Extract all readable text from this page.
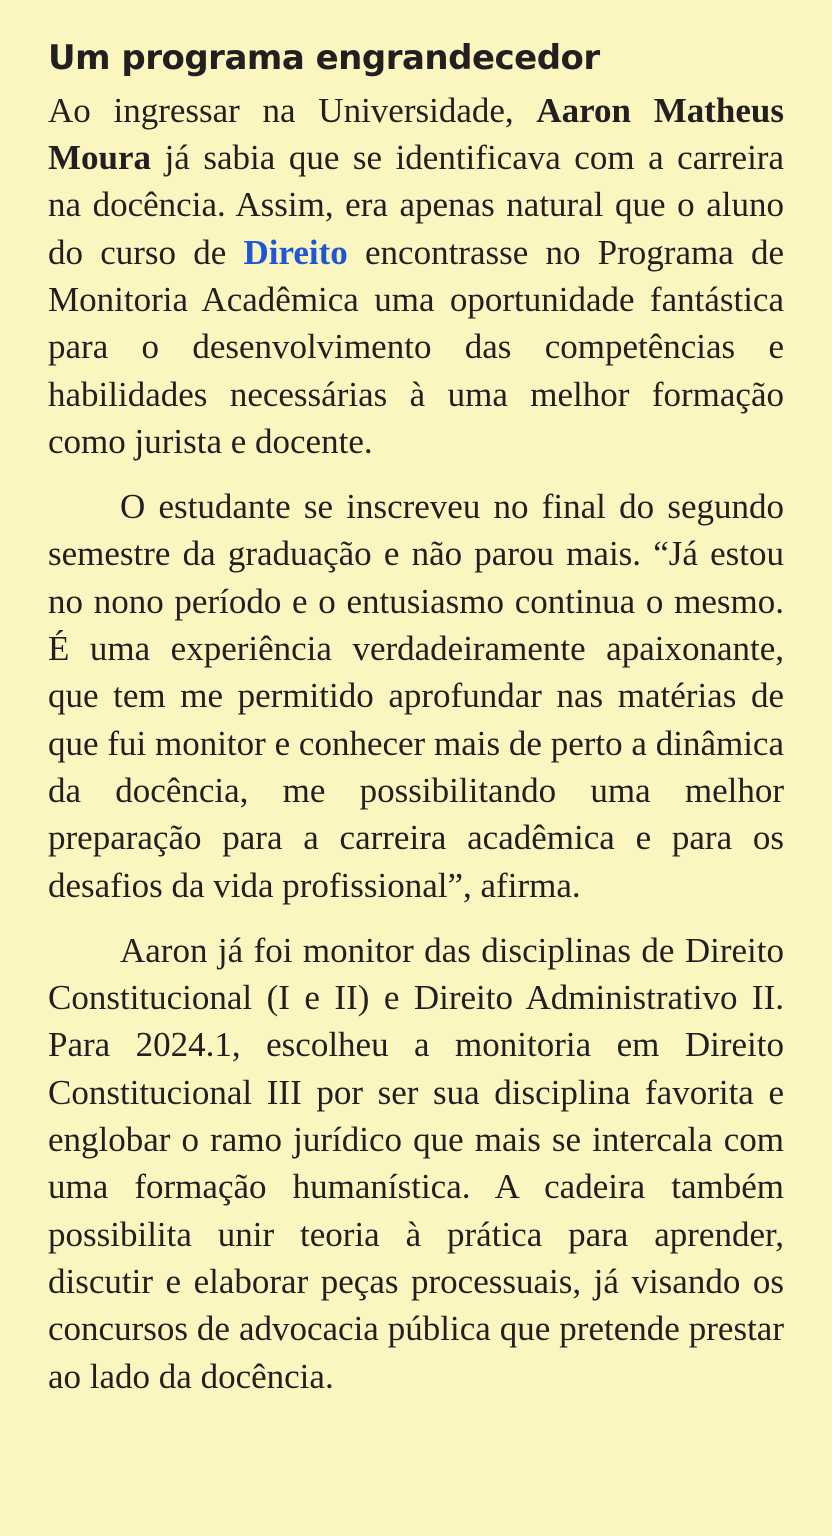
Um programa engrandecedor

Ao ingressar na Universidade, Aaron Matheus Moura já sabia que se identificava com a carreira na docência. Assim, era apenas natural que o aluno do curso de Direito encontrasse no Programa de Monitoria Acadêmica uma oportunidade fantástica para o desenvolvimento das competências e habilidades necessárias à uma melhor formação como jurista e docente.

O estudante se inscreveu no final do segundo semestre da graduação e não parou mais. “Já estou no nono período e o entusiasmo continua o mesmo. É uma experiência verdadeiramente apaixonante, que tem me permitido aprofundar nas matérias de que fui monitor e conhecer mais de perto a dinâmica da docência, me possibilitando uma melhor preparação para a carreira acadêmica e para os desafios da vida profissional”, afirma.

Aaron já foi monitor das disciplinas de Direito Constitucional (I e II) e Direito Administrativo II. Para 2024.1, escolheu a monitoria em Direito Constitucional III por ser sua disciplina favorita e englobar o ramo jurídico que mais se intercala com uma formação humanística. A cadeira também possibilita unir teoria à prática para aprender, discutir e elaborar peças processuais, já visando os concursos de advocacia pública que pretende prestar ao lado da docência.
